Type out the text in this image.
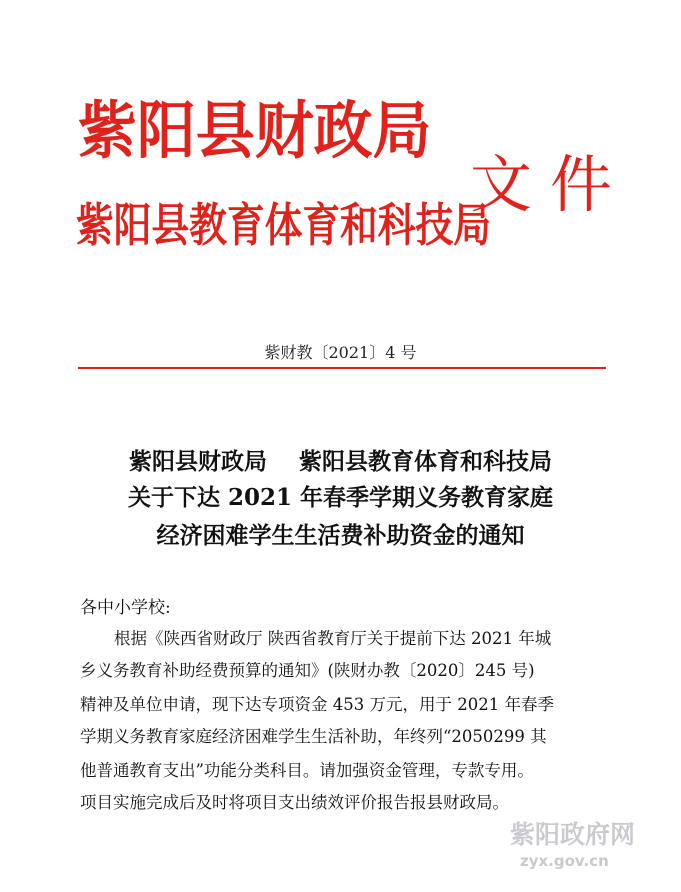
紫阳县财政局
紫阳县教育体育和科技局
文件
紫财教〔2021〕4 号
紫阳县财政局    紫阳县教育体育和科技局
关于下达 2021 年春季学期义务教育家庭
经济困难学生生活费补助资金的通知
各中小学校:
根据《陕西省财政厅 陕西省教育厅关于提前下达 2021 年城
乡义务教育补助经费预算的通知》(陕财办教〔2020〕245 号)
精神及单位申请，现下达专项资金 453 万元，用于 2021 年春季
学期义务教育家庭经济困难学生生活补助，年终列“2050299 其
他普通教育支出”功能分类科目。请加强资金管理，专款专用。
项目实施完成后及时将项目支出绩效评价报告报县财政局。
紫阳政府网
zyx.gov.cn
